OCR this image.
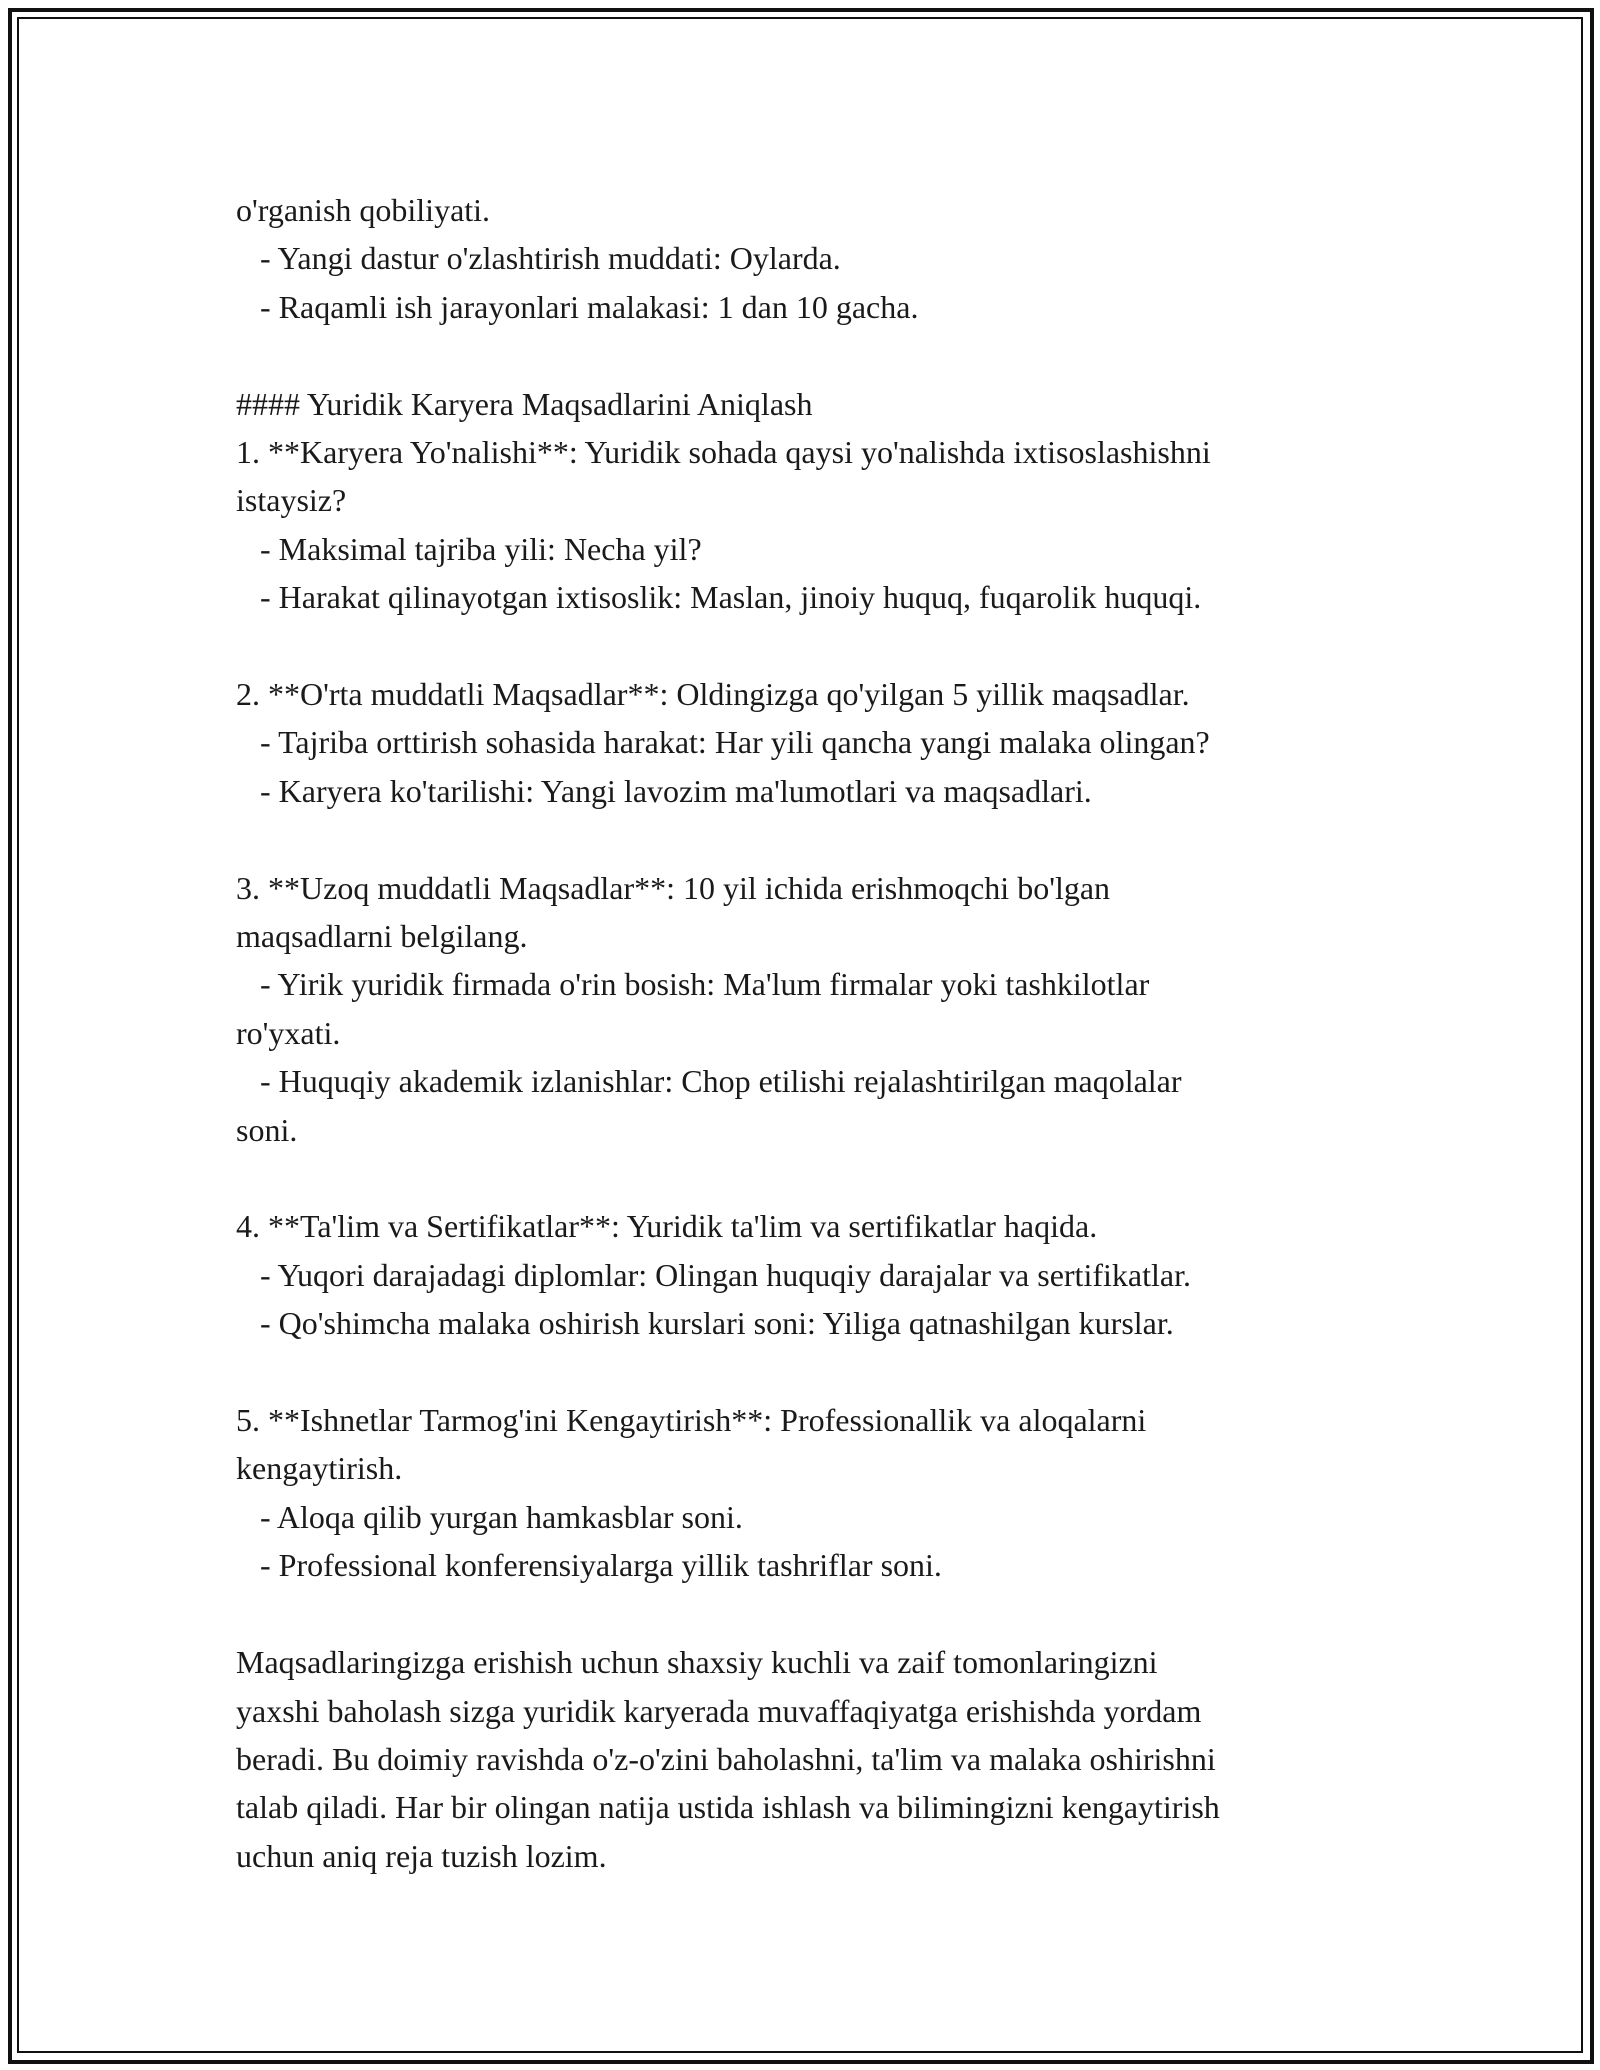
o'rganish qobiliyati.
- Yangi dastur o'zlashtirish muddati: Oylarda.
- Raqamli ish jarayonlari malakasi: 1 dan 10 gacha.
#### Yuridik Karyera Maqsadlarini Aniqlash
1. **Karyera Yo'nalishi**: Yuridik sohada qaysi yo'nalishda ixtisoslashishni
istaysiz?
- Maksimal tajriba yili: Necha yil?
- Harakat qilinayotgan ixtisoslik: Maslan, jinoiy huquq, fuqarolik huquqi.
2. **O'rta muddatli Maqsadlar**: Oldingizga qo'yilgan 5 yillik maqsadlar.
- Tajriba orttirish sohasida harakat: Har yili qancha yangi malaka olingan?
- Karyera ko'tarilishi: Yangi lavozim ma'lumotlari va maqsadlari.
3. **Uzoq muddatli Maqsadlar**: 10 yil ichida erishmoqchi bo'lgan
maqsadlarni belgilang.
- Yirik yuridik firmada o'rin bosish: Ma'lum firmalar yoki tashkilotlar
ro'yxati.
- Huquqiy akademik izlanishlar: Chop etilishi rejalashtirilgan maqolalar
soni.
4. **Ta'lim va Sertifikatlar**: Yuridik ta'lim va sertifikatlar haqida.
- Yuqori darajadagi diplomlar: Olingan huquqiy darajalar va sertifikatlar.
- Qo'shimcha malaka oshirish kurslari soni: Yiliga qatnashilgan kurslar.
5. **Ishnetlar Tarmog'ini Kengaytirish**: Professionallik va aloqalarni
kengaytirish.
- Aloqa qilib yurgan hamkasblar soni.
- Professional konferensiyalarga yillik tashriflar soni.
Maqsadlaringizga erishish uchun shaxsiy kuchli va zaif tomonlaringizni
yaxshi baholash sizga yuridik karyerada muvaffaqiyatga erishishda yordam
beradi. Bu doimiy ravishda o'z-o'zini baholashni, ta'lim va malaka oshirishni
talab qiladi. Har bir olingan natija ustida ishlash va bilimingizni kengaytirish
uchun aniq reja tuzish lozim.
